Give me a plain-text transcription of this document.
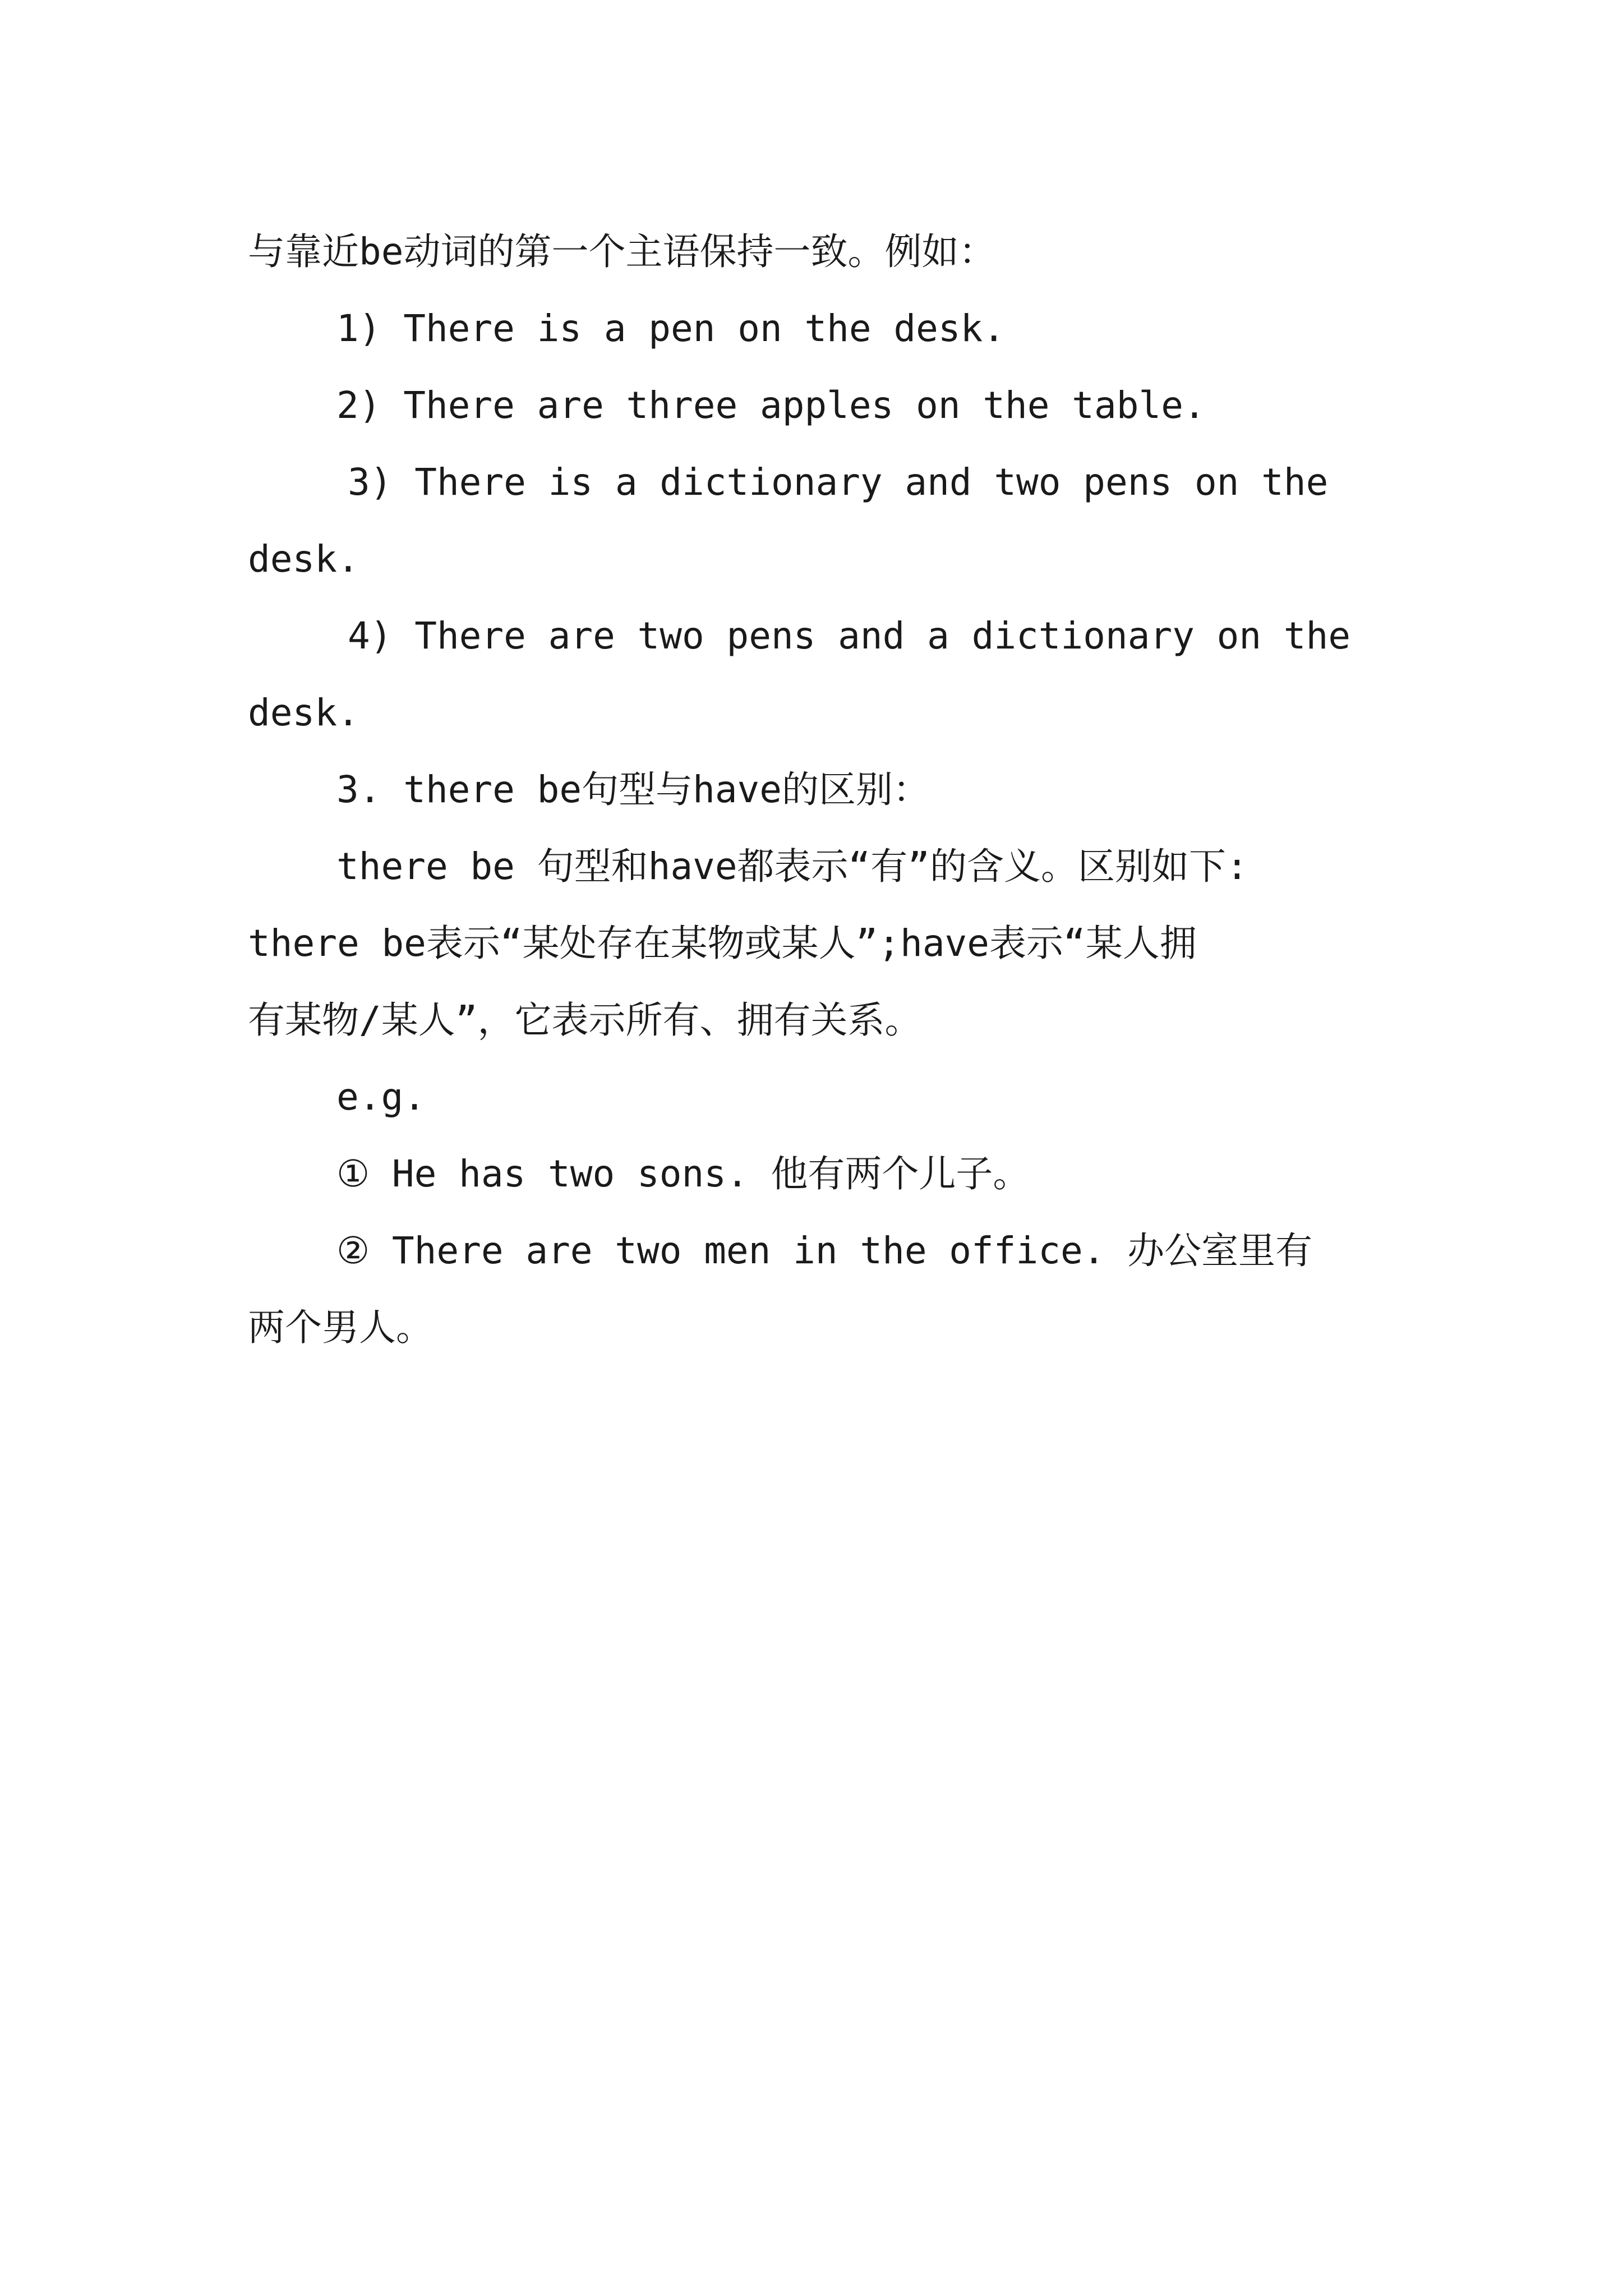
与靠近be动词的第一个主语保持一致。例如：
1) There is a pen on the desk.
2) There are three apples on the table.
3) There is a dictionary and two pens on the
desk.
4) There are two pens and a dictionary on the
desk.
3. there be句型与have的区别：
there be 句型和have都表示“有”的含义。区别如下:
there be表示“某处存在某物或某人”;have表示“某人拥
有某物/某人”，它表示所有、拥有关系。
e.g.
① He has two sons. 他有两个儿子。
② There are two men in the office. 办公室里有
两个男人。
